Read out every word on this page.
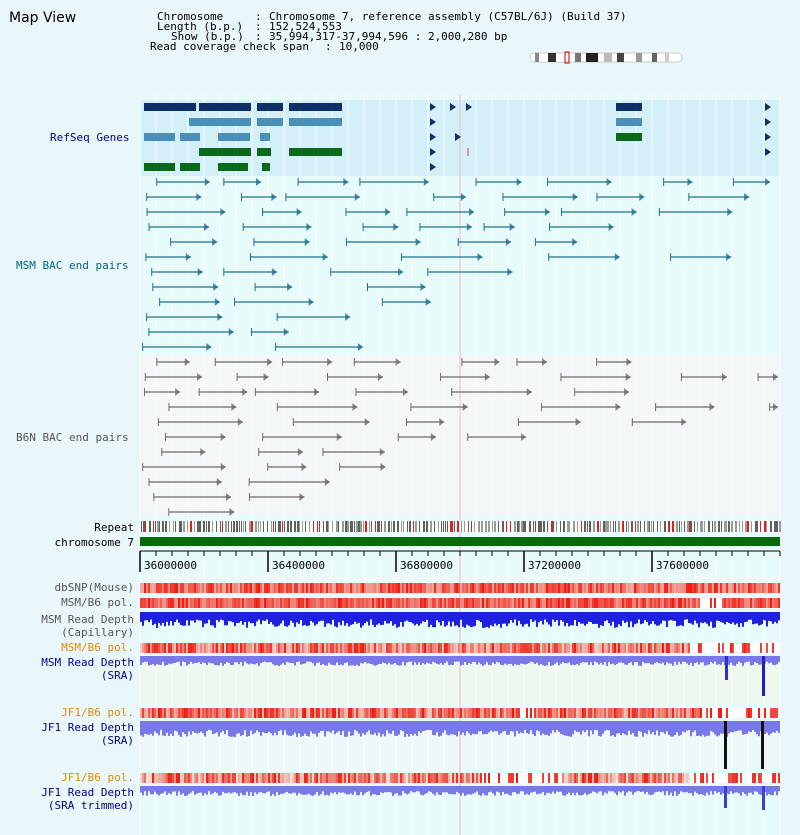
36000000	36400000	36800000	37200000	37600000
Map View	Chromosome	: Chromosome 7, reference assembly (C57BL/6J) (Build 37)
Length (b.p.) : 152,524,553
Show (b.p.) : 35,994,317-37,994,596 : 2,000,280 bp
Read coverage check span : 10,000
RefSeq Genes
MSM BAC end pairs
B6N BAC end pairs
Repeat
chromosome 7
dbSNP(Mouse)
MSM/B6 pol.
MSM Read Depth
(Capillary)
MSM/B6 pol.
MSM Read Depth
(SRA)
JF1/B6 pol.
JF1 Read Depth
(SRA)
JF1/B6 pol.
JF1 Read Depth
(SRA trimmed)
